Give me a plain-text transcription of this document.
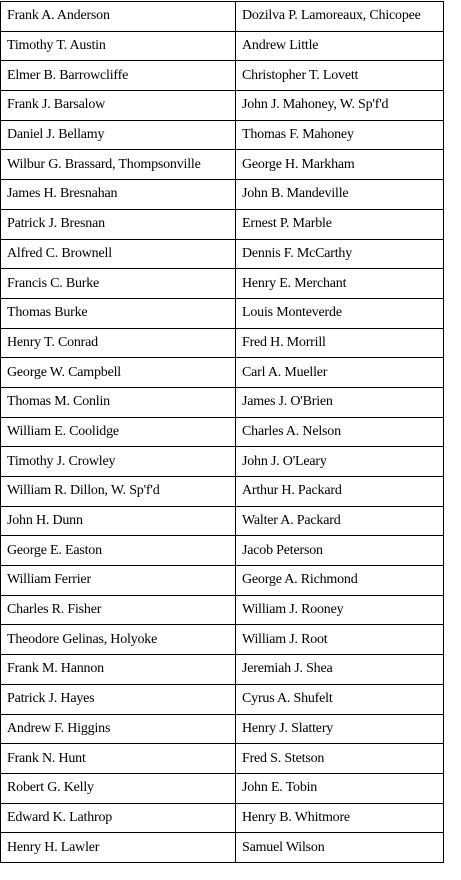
Frank A. Anderson	Dozilva P. Lamoreaux, Chicopee
Timothy T. Austin	Andrew Little
Elmer B. Barrowcliffe	Christopher T. Lovett
Frank J. Barsalow	John J. Mahoney, W. Sp'f'd
Daniel J. Bellamy	Thomas F. Mahoney
Wilbur G. Brassard, Thompsonville	George H. Markham
James H. Bresnahan	John B. Mandeville
Patrick J. Bresnan	Ernest P. Marble
Alfred C. Brownell	Dennis F. McCarthy
Francis C. Burke	Henry E. Merchant
Thomas Burke	Louis Monteverde
Henry T. Conrad	Fred H. Morrill
George W. Campbell	Carl A. Mueller
Thomas M. Conlin	James J. O'Brien
William E. Coolidge	Charles A. Nelson
Timothy J. Crowley	John J. O'Leary
William R. Dillon, W. Sp'f'd	Arthur H. Packard
John H. Dunn	Walter A. Packard
George E. Easton	Jacob Peterson
William Ferrier	George A. Richmond
Charles R. Fisher	William J. Rooney
Theodore Gelinas, Holyoke	William J. Root
Frank M. Hannon	Jeremiah J. Shea
Patrick J. Hayes	Cyrus A. Shufelt
Andrew F. Higgins	Henry J. Slattery
Frank N. Hunt	Fred S. Stetson
Robert G. Kelly	John E. Tobin
Edward K. Lathrop	Henry B. Whitmore
Henry H. Lawler	Samuel Wilson
